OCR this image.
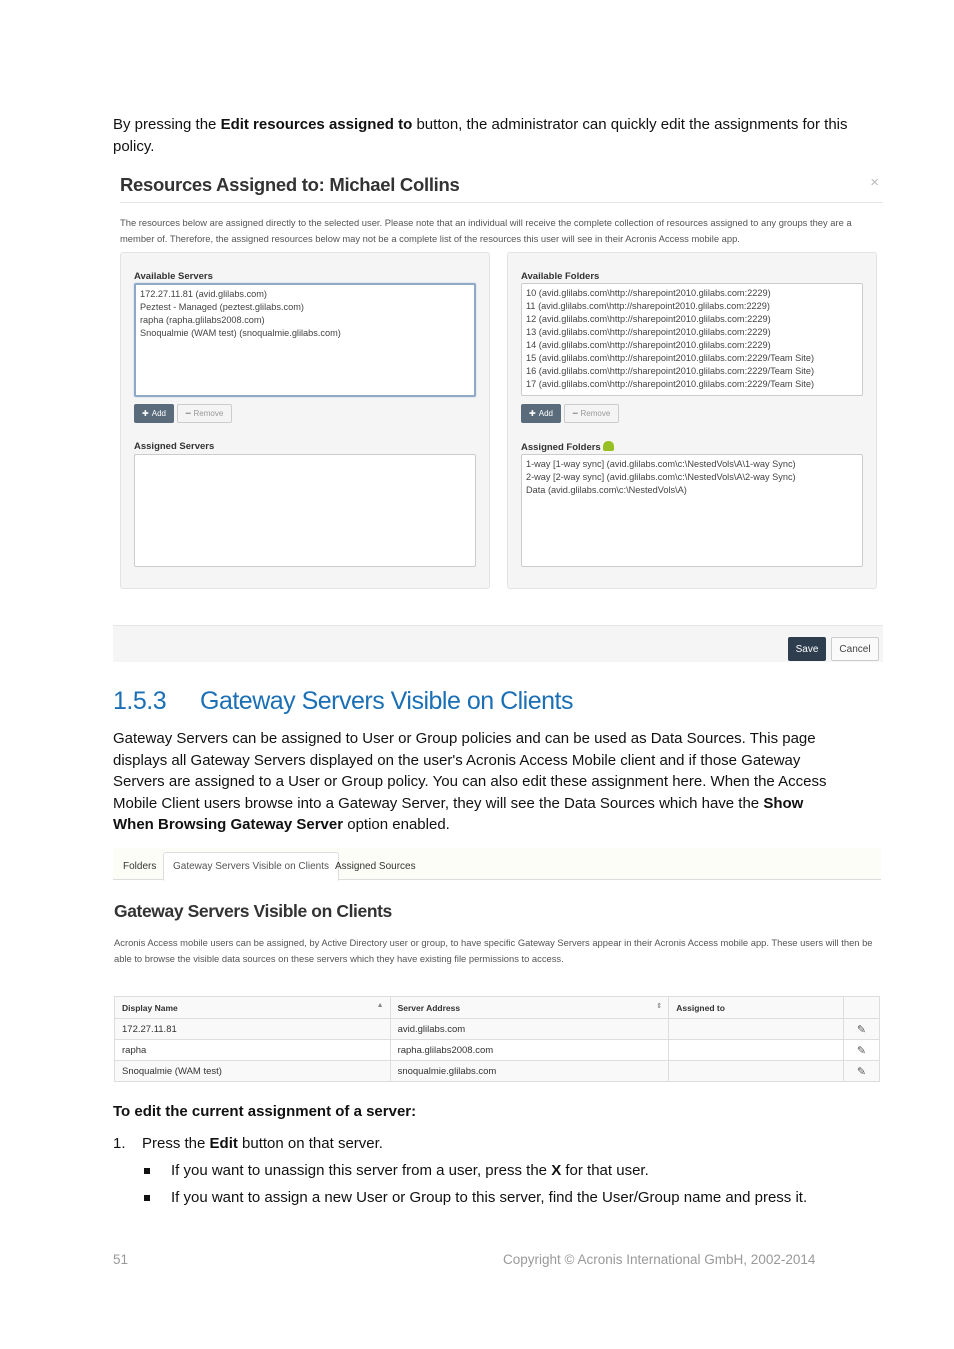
By pressing the Edit resources assigned to button, the administrator can quickly edit the assignments for this policy.

Resources Assigned to: Michael Collins	×
The resources below are assigned directly to the selected user. Please note that an individual will receive the complete collection of resources assigned to any groups they are a member of. Therefore, the assigned resources below may not be a complete list of the resources this user will see in their Acronis Access mobile app.
Available Servers
172.27.11.81 (avid.glilabs.com)
Peztest - Managed (peztest.glilabs.com)
rapha (rapha.glilabs2008.com)
Snoqualmie (WAM test) (snoqualmie.glilabs.com)
✚ Add ━ Remove
Assigned Servers
Available Folders
10 (avid.glilabs.com\http://sharepoint2010.glilabs.com:2229)
11 (avid.glilabs.com\http://sharepoint2010.glilabs.com:2229)
12 (avid.glilabs.com\http://sharepoint2010.glilabs.com:2229)
13 (avid.glilabs.com\http://sharepoint2010.glilabs.com:2229)
14 (avid.glilabs.com\http://sharepoint2010.glilabs.com:2229)
15 (avid.glilabs.com\http://sharepoint2010.glilabs.com:2229/Team Site)
16 (avid.glilabs.com\http://sharepoint2010.glilabs.com:2229/Team Site)
17 (avid.glilabs.com\http://sharepoint2010.glilabs.com:2229/Team Site)
✚ Add ━ Remove
Assigned Folders
1-way [1-way sync] (avid.glilabs.com\c:\NestedVols\A\1-way Sync)
2-way [2-way sync] (avid.glilabs.com\c:\NestedVols\A\2-way Sync)
Data (avid.glilabs.com\c:\NestedVols\A)
Save	Cancel
1.5.3 Gateway Servers Visible on Clients

Gateway Servers can be assigned to User or Group policies and can be used as Data Sources. This page displays all Gateway Servers displayed on the user's Acronis Access Mobile client and if those Gateway Servers are assigned to a User or Group policy. You can also edit these assignment here. When the Access Mobile Client users browse into a Gateway Server, they will see the Data Sources which have the Show When Browsing Gateway Server option enabled.

Folders	Gateway Servers Visible on Clients Assigned Sources
Gateway Servers Visible on Clients
Acronis Access mobile users can be assigned, by Active Directory user or group, to have specific Gateway Servers appear in their Acronis Access mobile app. These users will then be able to browse the visible data sources on these servers which they have existing file permissions to access.
Display Name ▲	Server Address ⇕	Assigned to	
172.27.11.81	avid.glilabs.com		✎

rapha	rapha.glilabs2008.com		✎

Snoqualmie (WAM test)	snoqualmie.glilabs.com		✎
To edit the current assignment of a server:
1. Press the Edit button on that server.
If you want to unassign this server from a user, press the X for that user.
If you want to assign a new User or Group to this server, find the User/Group name and press it.
51	Copyright © Acronis International GmbH, 2002-2014
